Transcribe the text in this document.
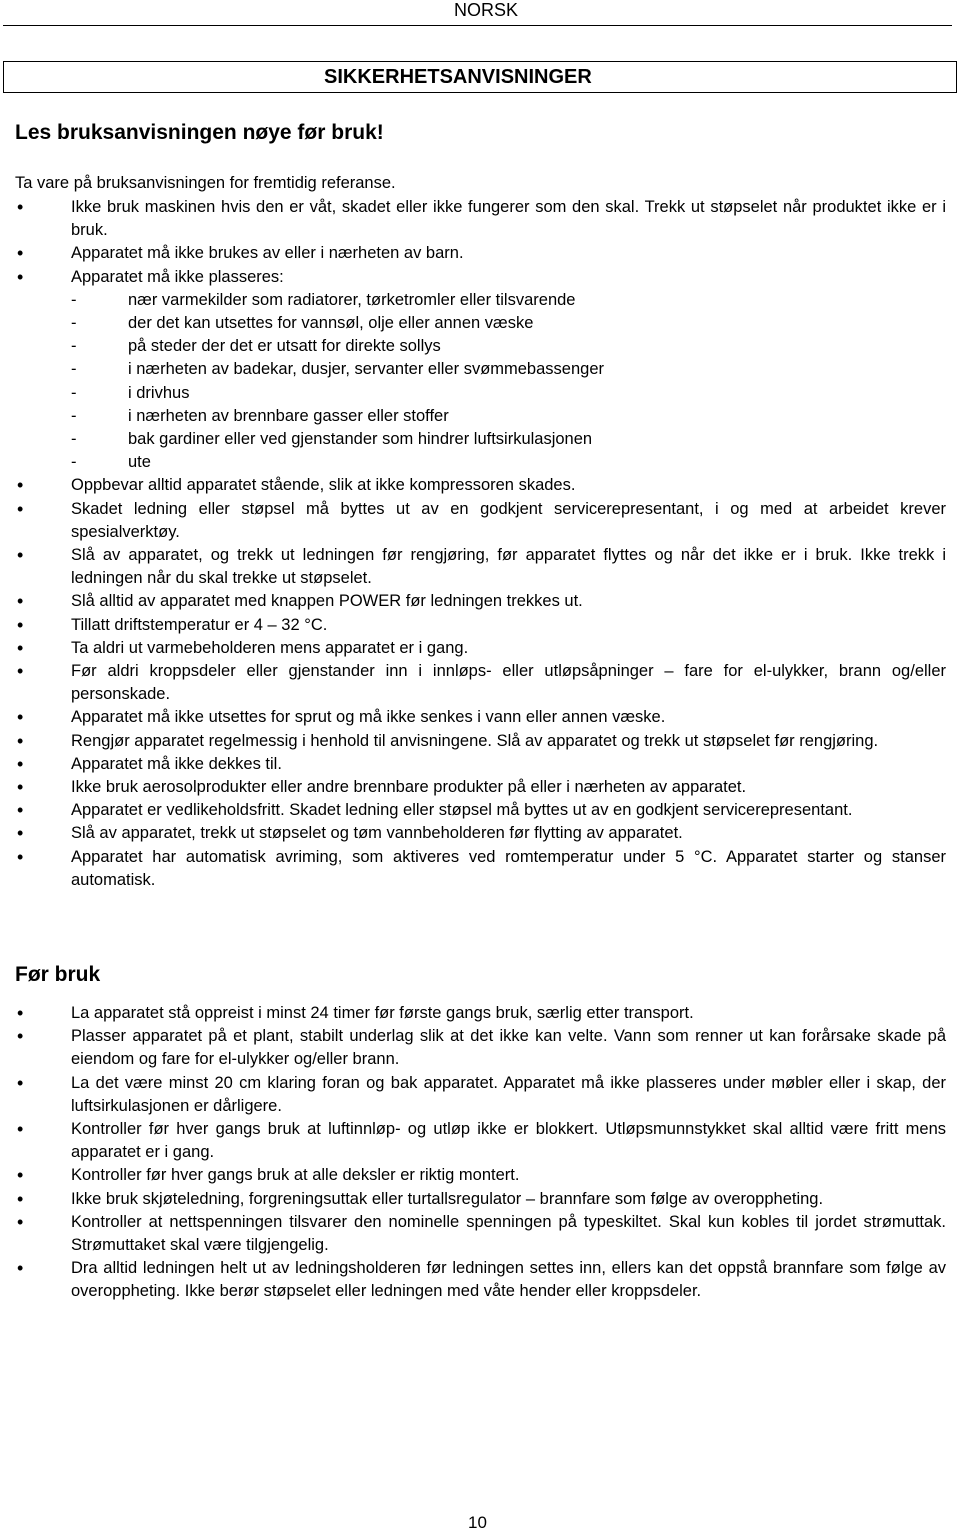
NORSK
SIKKERHETSANVISNINGER
Les bruksanvisningen nøye før bruk!
Ta vare på bruksanvisningen for fremtidig referanse.
• Ikke bruk maskinen hvis den er våt, skadet eller ikke fungerer som den skal. Trekk ut støpselet når produktet ikke er i bruk.
• Apparatet må ikke brukes av eller i nærheten av barn.
• Apparatet må ikke plasseres:
- nær varmekilder som radiatorer, tørketromler eller tilsvarende
- der det kan utsettes for vannsøl, olje eller annen væske
- på steder der det er utsatt for direkte sollys
- i nærheten av badekar, dusjer, servanter eller svømmebassenger
- i drivhus
- i nærheten av brennbare gasser eller stoffer
- bak gardiner eller ved gjenstander som hindrer luftsirkulasjonen
- ute
• Oppbevar alltid apparatet stående, slik at ikke kompressoren skades.
• Skadet ledning eller støpsel må byttes ut av en godkjent servicerepresentant, i og med at arbeidet krever spesialverktøy.
• Slå av apparatet, og trekk ut ledningen før rengjøring, før apparatet flyttes og når det ikke er i bruk. Ikke trekk i ledningen når du skal trekke ut støpselet.
• Slå alltid av apparatet med knappen POWER før ledningen trekkes ut.
• Tillatt driftstemperatur er 4 – 32 °C.
• Ta aldri ut varmebeholderen mens apparatet er i gang.
• Før aldri kroppsdeler eller gjenstander inn i innløps- eller utløpsåpninger – fare for el-ulykker, brann og/eller personskade.
• Apparatet må ikke utsettes for sprut og må ikke senkes i vann eller annen væske.
• Rengjør apparatet regelmessig i henhold til anvisningene. Slå av apparatet og trekk ut støpselet før rengjøring.
• Apparatet må ikke dekkes til.
• Ikke bruk aerosolprodukter eller andre brennbare produkter på eller i nærheten av apparatet.
• Apparatet er vedlikeholdsfritt. Skadet ledning eller støpsel må byttes ut av en godkjent servicerepresentant.
• Slå av apparatet, trekk ut støpselet og tøm vannbeholderen før flytting av apparatet.
• Apparatet har automatisk avriming, som aktiveres ved romtemperatur under 5 °C. Apparatet starter og stanser automatisk.
Før bruk
• La apparatet stå oppreist i minst 24 timer før første gangs bruk, særlig etter transport.
• Plasser apparatet på et plant, stabilt underlag slik at det ikke kan velte. Vann som renner ut kan forårsake skade på eiendom og fare for el-ulykker og/eller brann.
• La det være minst 20 cm klaring foran og bak apparatet. Apparatet må ikke plasseres under møbler eller i skap, der luftsirkulasjonen er dårligere.
• Kontroller før hver gangs bruk at luftinnløp- og utløp ikke er blokkert. Utløpsmunnstykket skal alltid være fritt mens apparatet er i gang.
• Kontroller før hver gangs bruk at alle deksler er riktig montert.
• Ikke bruk skjøteledning, forgreningsuttak eller turtallsregulator – brannfare som følge av overoppheting.
• Kontroller at nettspenningen tilsvarer den nominelle spenningen på typeskiltet. Skal kun kobles til jordet strømuttak. Strømuttaket skal være tilgjengelig.
• Dra alltid ledningen helt ut av ledningsholderen før ledningen settes inn, ellers kan det oppstå brannfare som følge av overoppheting. Ikke berør støpselet eller ledningen med våte hender eller kroppsdeler.
10
